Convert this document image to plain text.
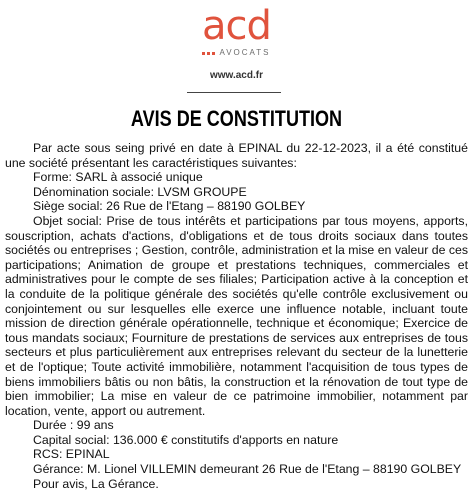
acd
AVOCATS
www.acd.fr
AVIS DE CONSTITUTION

Par acte sous seing privé en date à EPINAL du 22-12-2023, il a été constitué une société présentant les caractéristiques suivantes:

Forme: SARL à associé unique

Dénomination sociale: LVSM GROUPE

Siège social: 26 Rue de l'Etang – 88190 GOLBEY

Objet social: Prise de tous intérêts et participations par tous moyens, apports, souscription, achats d'actions, d'obligations et de tous droits sociaux dans toutes sociétés ou entreprises ; Gestion, contrôle, administration et la mise en valeur de ces participations; Animation de groupe et prestations techniques, commerciales et administratives pour le compte de ses filiales; Participation active à la conception et la conduite de la politique générale des sociétés qu'elle contrôle exclusivement ou conjointement ou sur lesquelles elle exerce une influence notable, incluant toute mission de direction générale opérationnelle, technique et économique; Exercice de tous mandats sociaux; Fourniture de prestations de services aux entreprises de tous secteurs et plus particulièrement aux entreprises relevant du secteur de la lunetterie et de l'optique; Toute activité immobilière, notamment l'acquisition de tous types de biens immobiliers bâtis ou non bâtis, la construction et la rénovation de tout type de bien immobilier; La mise en valeur de ce patrimoine immobilier, notamment par location, vente, apport ou autrement.

Durée : 99 ans

Capital social: 136.000 € constitutifs d'apports en nature

RCS: EPINAL

Gérance: M. Lionel VILLEMIN demeurant 26 Rue de l'Etang – 88190 GOLBEY

Pour avis, La Gérance.
